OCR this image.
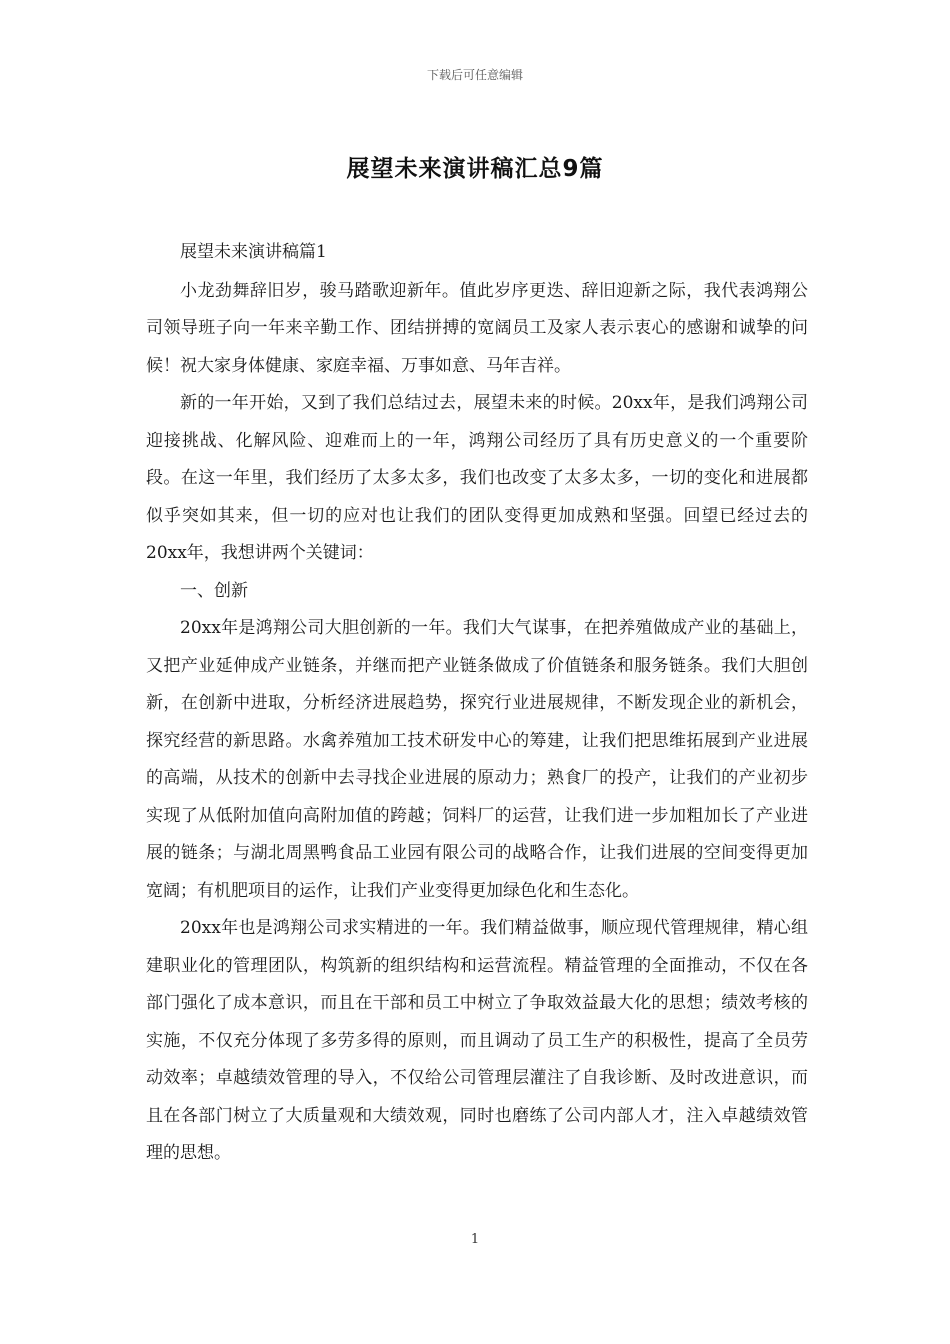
下载后可任意编辑
展望未来演讲稿汇总9篇

展望未来演讲稿篇1

小龙劲舞辞旧岁，骏马踏歌迎新年。值此岁序更迭、辞旧迎新之际，我代表鸿翔公司领导班子向一年来辛勤工作、团结拼搏的宽阔员工及家人表示衷心的感谢和诚挚的问候！祝大家身体健康、家庭幸福、万事如意、马年吉祥。

新的一年开始，又到了我们总结过去，展望未来的时候。20xx年，是我们鸿翔公司迎接挑战、化解风险、迎难而上的一年，鸿翔公司经历了具有历史意义的一个重要阶段。在这一年里，我们经历了太多太多，我们也改变了太多太多，一切的变化和进展都似乎突如其来，但一切的应对也让我们的团队变得更加成熟和坚强。回望已经过去的20xx年，我想讲两个关键词：

一、创新

20xx年是鸿翔公司大胆创新的一年。我们大气谋事，在把养殖做成产业的基础上，又把产业延伸成产业链条，并继而把产业链条做成了价值链条和服务链条。我们大胆创新，在创新中进取，分析经济进展趋势，探究行业进展规律，不断发现企业的新机会，探究经营的新思路。水禽养殖加工技术研发中心的筹建，让我们把思维拓展到产业进展的高端，从技术的创新中去寻找企业进展的原动力；熟食厂的投产，让我们的产业初步实现了从低附加值向高附加值的跨越；饲料厂的运营，让我们进一步加粗加长了产业进展的链条；与湖北周黑鸭食品工业园有限公司的战略合作，让我们进展的空间变得更加宽阔；有机肥项目的运作，让我们产业变得更加绿色化和生态化。

20xx年也是鸿翔公司求实精进的一年。我们精益做事，顺应现代管理规律，精心组建职业化的管理团队，构筑新的组织结构和运营流程。精益管理的全面推动，不仅在各部门强化了成本意识，而且在干部和员工中树立了争取效益最大化的思想；绩效考核的实施，不仅充分体现了多劳多得的原则，而且调动了员工生产的积极性，提高了全员劳动效率；卓越绩效管理的导入，不仅给公司管理层灌注了自我诊断、及时改进意识，而且在各部门树立了大质量观和大绩效观，同时也磨练了公司内部人才，注入卓越绩效管理的思想。

1
